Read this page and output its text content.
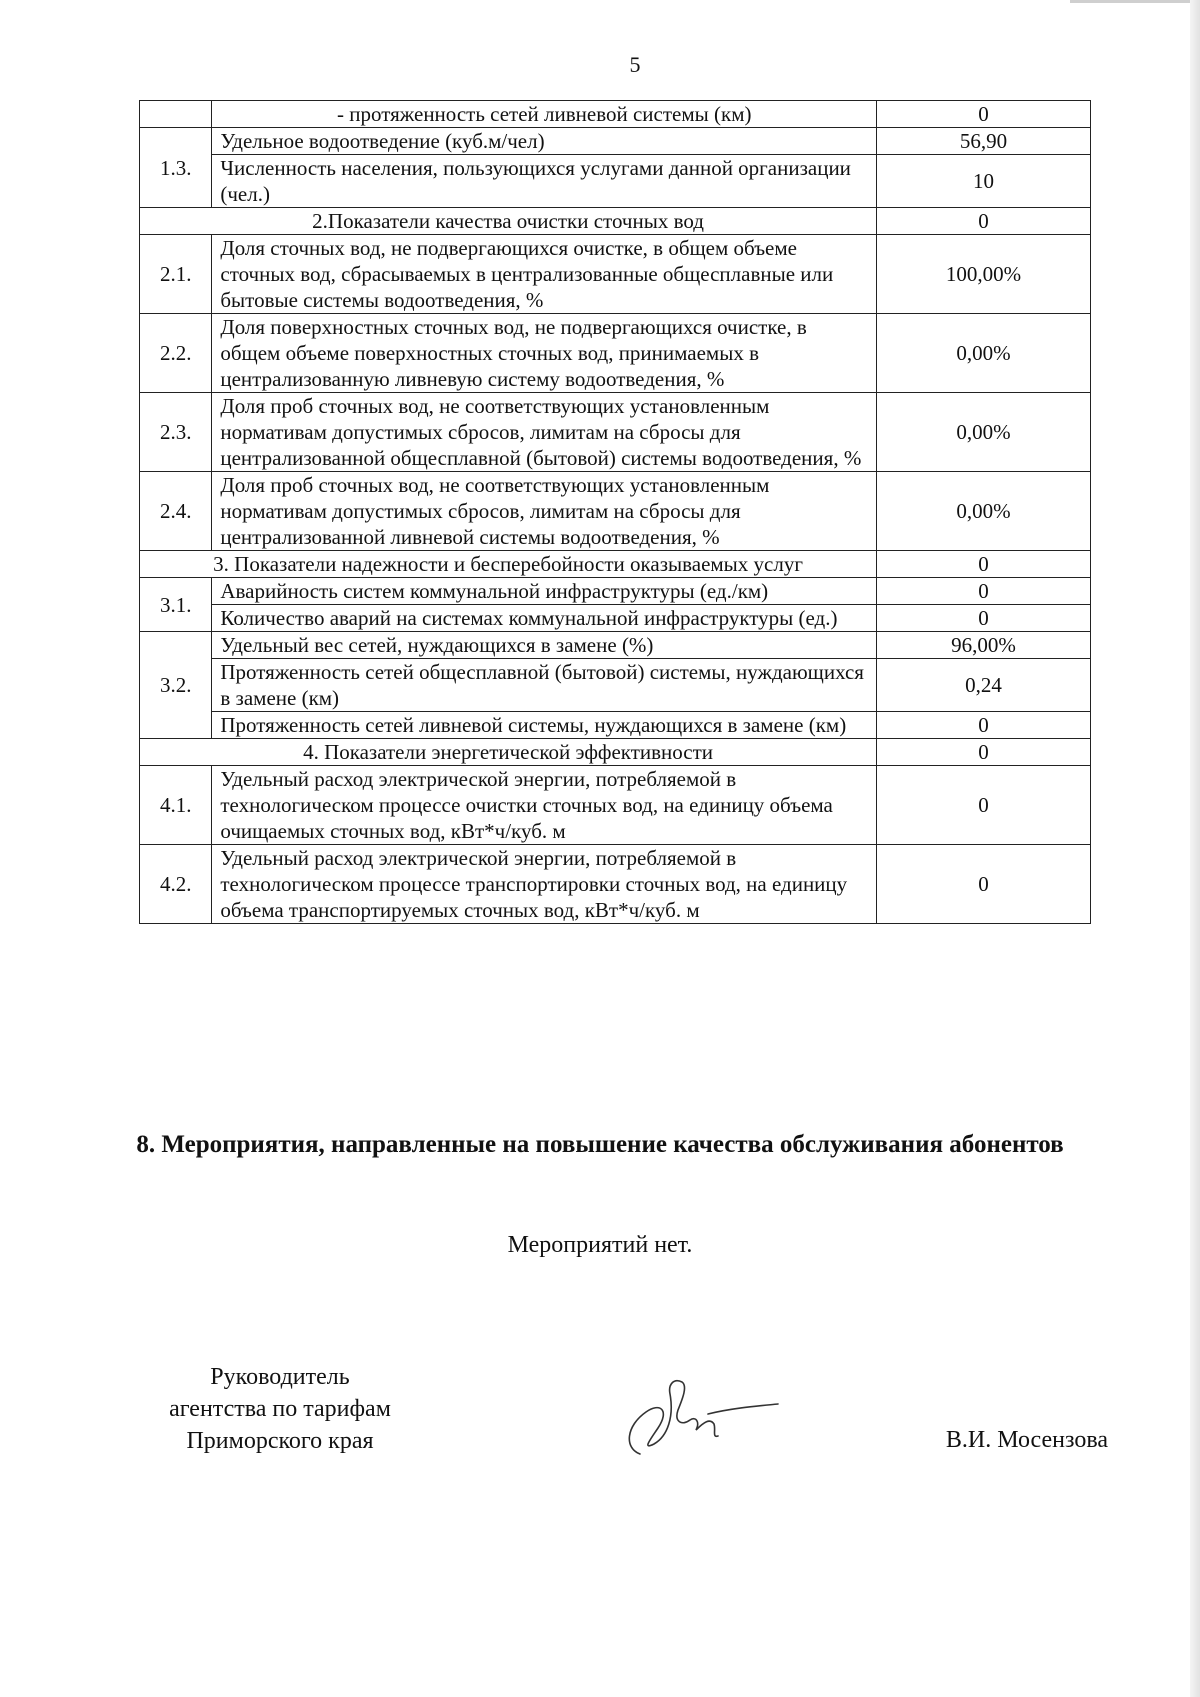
5
	- протяженность сетей ливневой системы (км)	0
1.3.	Удельное водоотведение (куб.м/чел)	56,90
	Численность населения, пользующихся услугами данной организации (чел.)	10
2.Показатели качества очистки сточных вод		0
2.1.	Доля сточных вод, не подвергающихся очистке, в общем объеме сточных вод, сбрасываемых в централизованные общесплавные или бытовые системы водоотведения, %	100,00%
2.2.	Доля поверхностных сточных вод, не подвергающихся очистке, в общем объеме поверхностных сточных вод, принимаемых в централизованную ливневую систему водоотведения, %	0,00%
2.3.	Доля проб сточных вод, не соответствующих установленным нормативам допустимых сбросов, лимитам на сбросы для централизованной общесплавной (бытовой) системы водоотведения, %	0,00%
2.4.	Доля проб сточных вод, не соответствующих установленным нормативам допустимых сбросов, лимитам на сбросы для централизованной ливневой системы водоотведения, %	0,00%
3. Показатели надежности и бесперебойности оказываемых услуг		0
3.1.	Аварийность систем коммунальной инфраструктуры (ед./км)	0
	Количество аварий на системах коммунальной инфраструктуры (ед.)	0
3.2.	Удельный вес сетей, нуждающихся в замене (%)	96,00%
	Протяженность сетей общесплавной (бытовой) системы, нуждающихся в замене (км)	0,24
	Протяженность сетей ливневой системы, нуждающихся в замене (км)	0
4. Показатели энергетической эффективности		0
4.1.	Удельный расход электрической энергии, потребляемой в технологическом процессе очистки сточных вод, на единицу объема очищаемых сточных вод, кВт*ч/куб. м	0
4.2.	Удельный расход электрической энергии, потребляемой в технологическом процессе транспортировки сточных вод, на единицу объема транспортируемых сточных вод, кВт*ч/куб. м	0
8. Мероприятия, направленные на повышение качества обслуживания абонентов
Мероприятий нет.
Руководитель
агентства по тарифам
Приморского края	В.И. Мосензова
